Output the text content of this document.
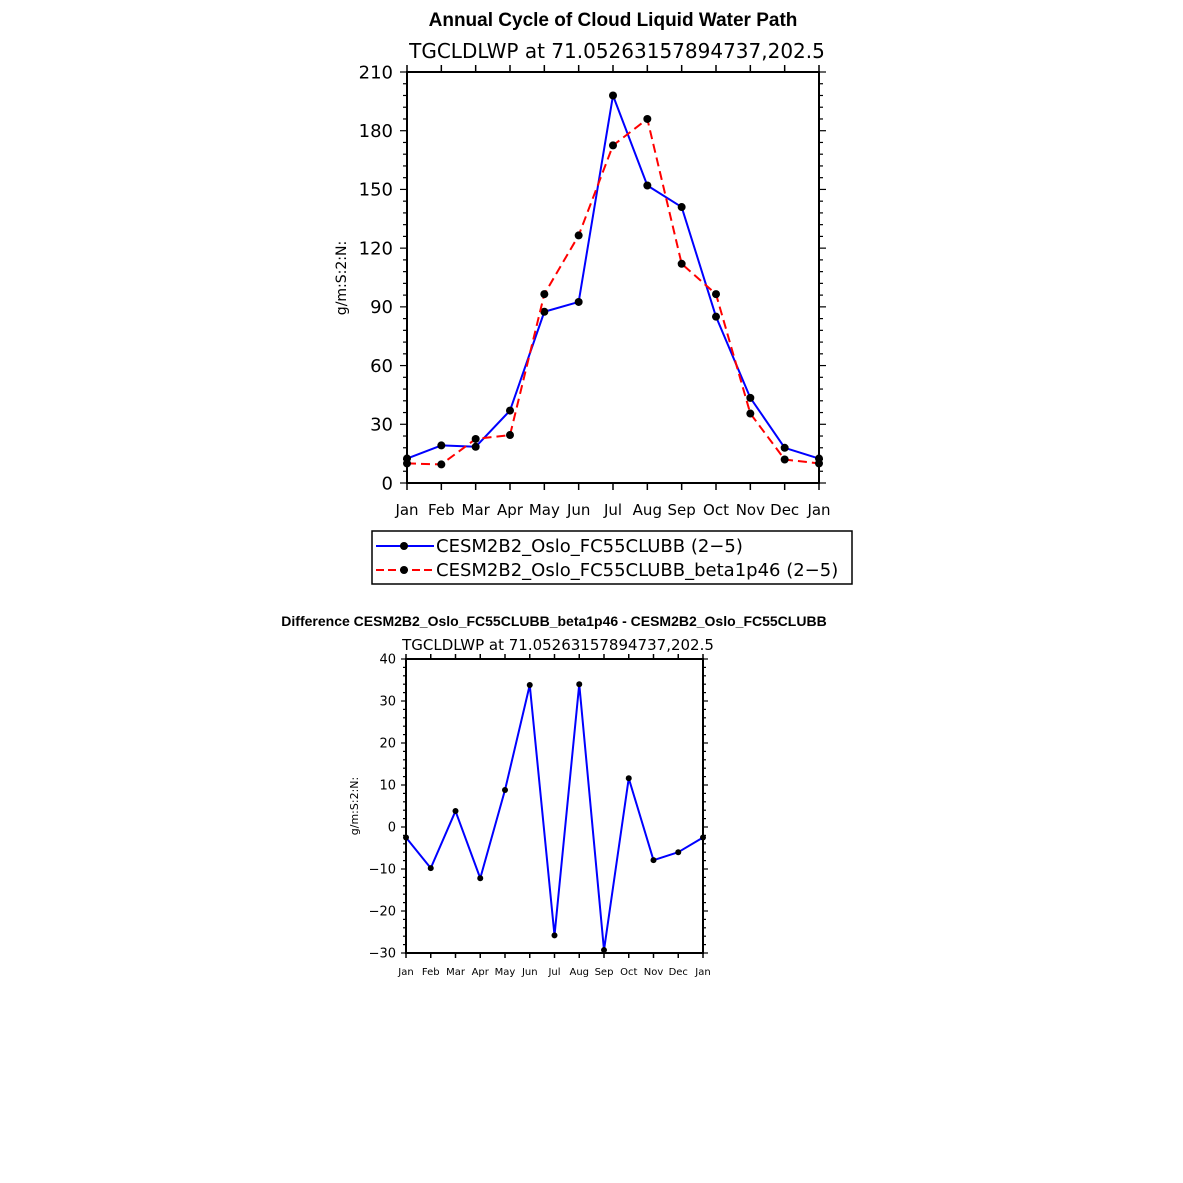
Annual Cycle of Cloud Liquid Water Path
TGCLDLWP at 71.05263157894737,202.5
g/m:S:2:N:
Jan Feb Mar Apr May Jun Jul Aug Sep Oct Nov Dec Jan
0
30
60
90
120
150
180
210
CESM2B2_Oslo_FC55CLUBB (2−5)
CESM2B2_Oslo_FC55CLUBB_beta1p46 (2−5)
Difference CESM2B2_Oslo_FC55CLUBB_beta1p46 - CESM2B2_Oslo_FC55CLUBB
TGCLDLWP at 71.05263157894737,202.5
g/m:S:2:N:
Jan Feb Mar Apr May Jun Jul Aug Sep Oct Nov Dec Jan
−30
−20
−10
0
10
20
30
40
